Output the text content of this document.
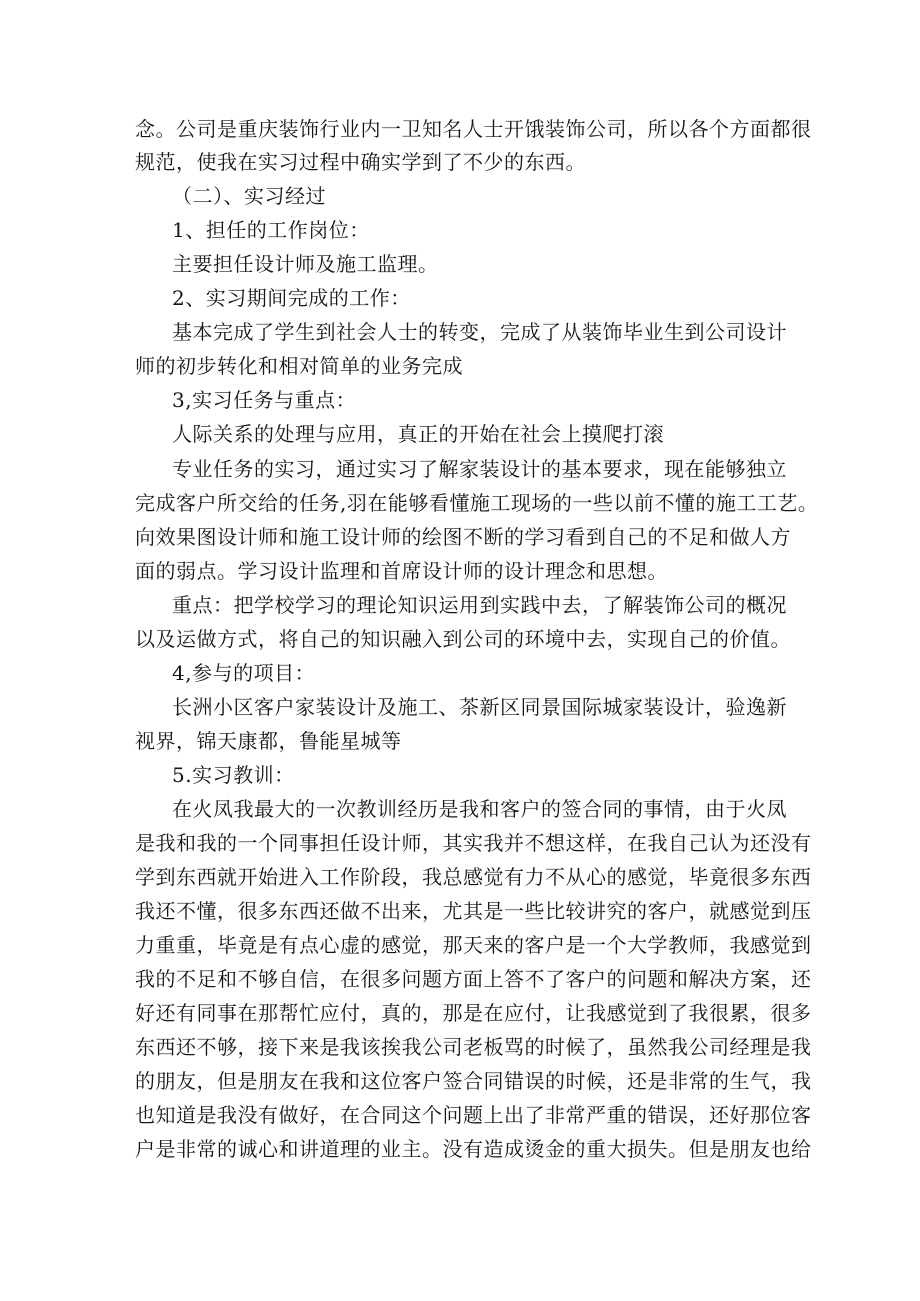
念。公司是重庆装饰行业内一卫知名人士开饿装饰公司，所以各个方面都很
规范，使我在实习过程中确实学到了不少的东西。
（二）、实习经过
1、担任的工作岗位：
主要担任设计师及施工监理。
2、实习期间完成的工作：
基本完成了学生到社会人士的转变，完成了从装饰毕业生到公司设计
师的初步转化和相对简单的业务完成
3,实习任务与重点：
人际关系的处理与应用，真正的开始在社会上摸爬打滚
专业任务的实习，通过实习了解家装设计的基本要求，现在能够独立
完成客户所交给的任务,羽在能够看懂施工现场的一些以前不懂的施工工艺。
向效果图设计师和施工设计师的绘图不断的学习看到自己的不足和做人方
面的弱点。学习设计监理和首席设计师的设计理念和思想。
重点：把学校学习的理论知识运用到实践中去，了解装饰公司的概况
以及运做方式，将自己的知识融入到公司的环境中去，实现自己的价值。
4,参与的项目：
长洲小区客户家装设计及施工、茶新区同景国际城家装设计，验逸新
视界，锦天康都，鲁能星城等
5.实习教训：
在火凤我最大的一次教训经历是我和客户的签合同的事情，由于火凤
是我和我的一个同事担任设计师，其实我并不想这样，在我自己认为还没有
学到东西就开始进入工作阶段，我总感觉有力不从心的感觉，毕竟很多东西
我还不懂，很多东西还做不出来，尤其是一些比较讲究的客户，就感觉到压
力重重，毕竟是有点心虚的感觉，那天来的客户是一个大学教师，我感觉到
我的不足和不够自信，在很多问题方面上答不了客户的问题和解决方案，还
好还有同事在那帮忙应付，真的，那是在应付，让我感觉到了我很累，很多
东西还不够，接下来是我该挨我公司老板骂的时候了，虽然我公司经理是我
的朋友，但是朋友在我和这位客户签合同错误的时候，还是非常的生气，我
也知道是我没有做好，在合同这个问题上出了非常严重的错误，还好那位客
户是非常的诚心和讲道理的业主。没有造成烫金的重大损失。但是朋友也给
